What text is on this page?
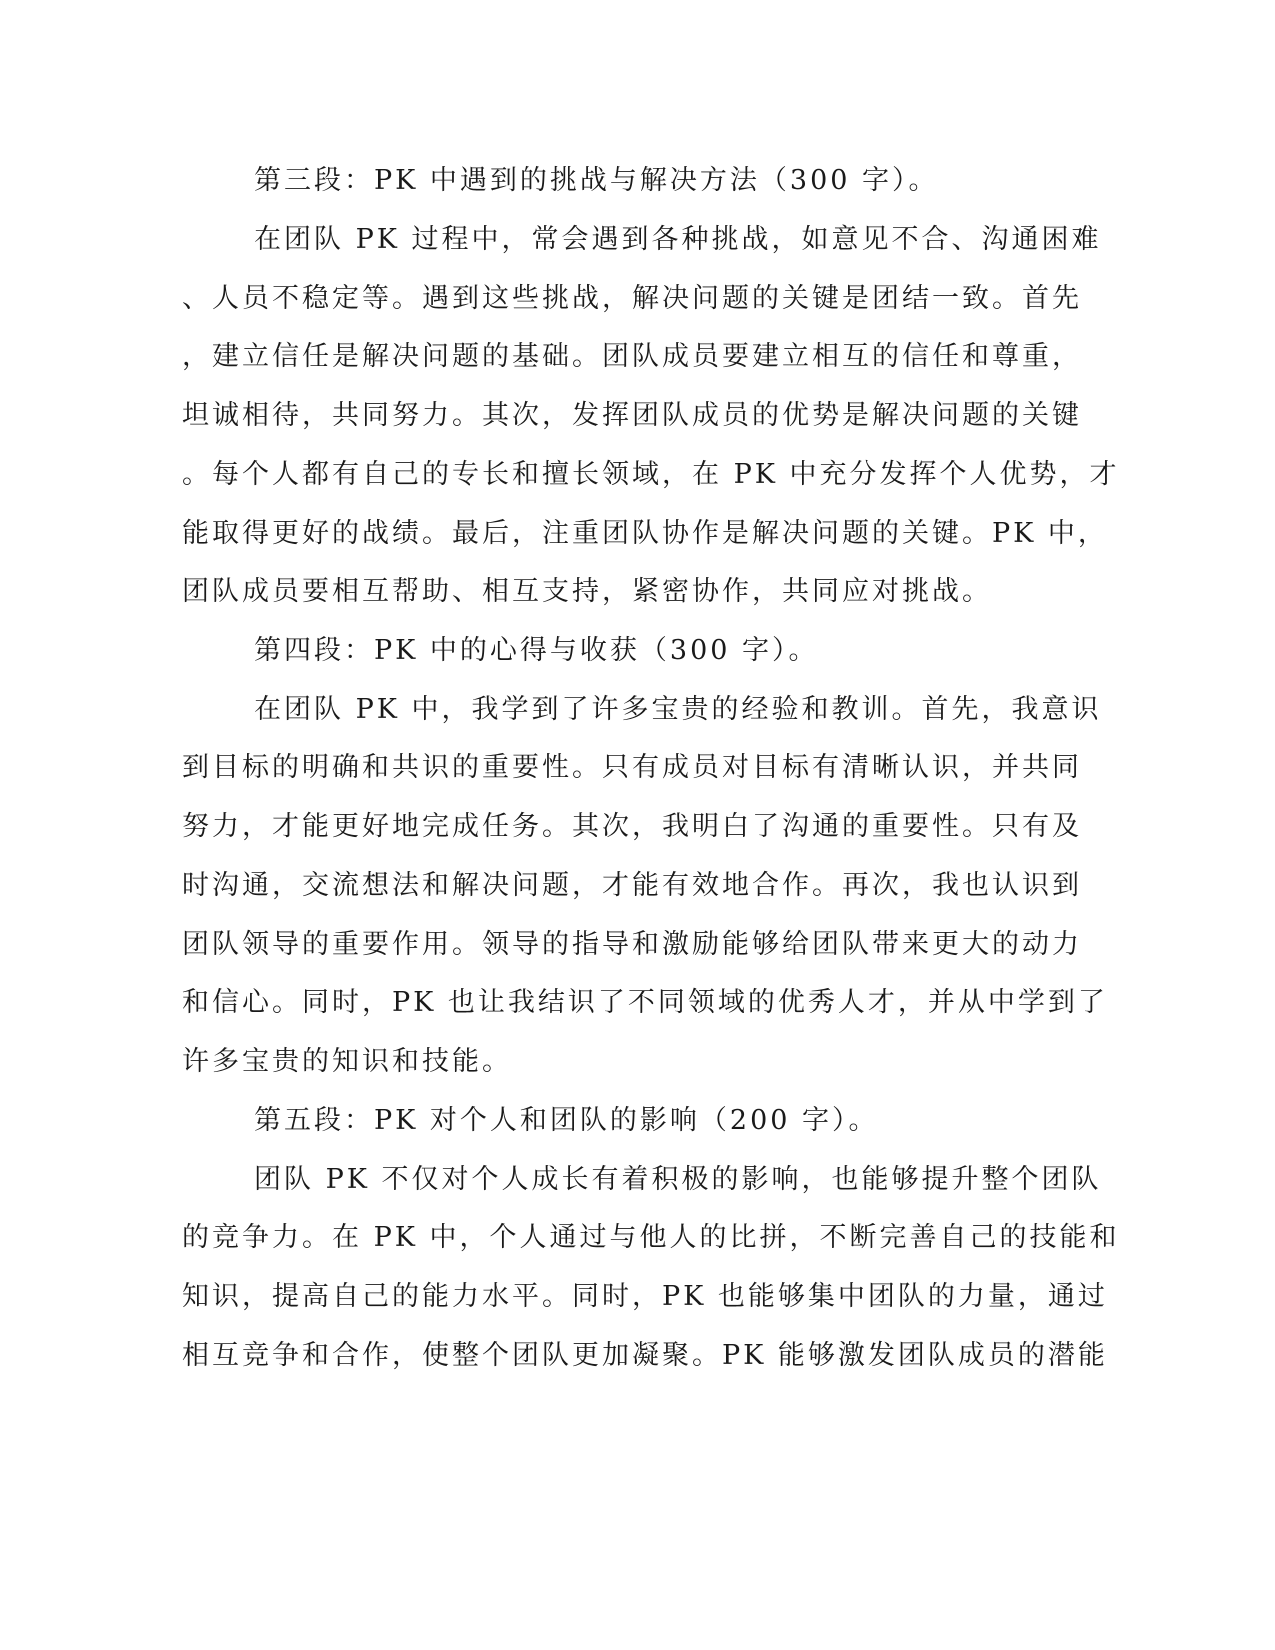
第三段：PK 中遇到的挑战与解决方法（300 字）。
在团队 PK 过程中，常会遇到各种挑战，如意见不合、沟通困难
、人员不稳定等。遇到这些挑战，解决问题的关键是团结一致。首先
，建立信任是解决问题的基础。团队成员要建立相互的信任和尊重，
坦诚相待，共同努力。其次，发挥团队成员的优势是解决问题的关键
。每个人都有自己的专长和擅长领域，在 PK 中充分发挥个人优势，才
能取得更好的战绩。最后，注重团队协作是解决问题的关键。PK 中，
团队成员要相互帮助、相互支持，紧密协作，共同应对挑战。
第四段：PK 中的心得与收获（300 字）。
在团队 PK 中，我学到了许多宝贵的经验和教训。首先，我意识
到目标的明确和共识的重要性。只有成员对目标有清晰认识，并共同
努力，才能更好地完成任务。其次，我明白了沟通的重要性。只有及
时沟通，交流想法和解决问题，才能有效地合作。再次，我也认识到
团队领导的重要作用。领导的指导和激励能够给团队带来更大的动力
和信心。同时，PK 也让我结识了不同领域的优秀人才，并从中学到了
许多宝贵的知识和技能。
第五段：PK 对个人和团队的影响（200 字）。
团队 PK 不仅对个人成长有着积极的影响，也能够提升整个团队
的竞争力。在 PK 中，个人通过与他人的比拼，不断完善自己的技能和
知识，提高自己的能力水平。同时，PK 也能够集中团队的力量，通过
相互竞争和合作，使整个团队更加凝聚。PK 能够激发团队成员的潜能
